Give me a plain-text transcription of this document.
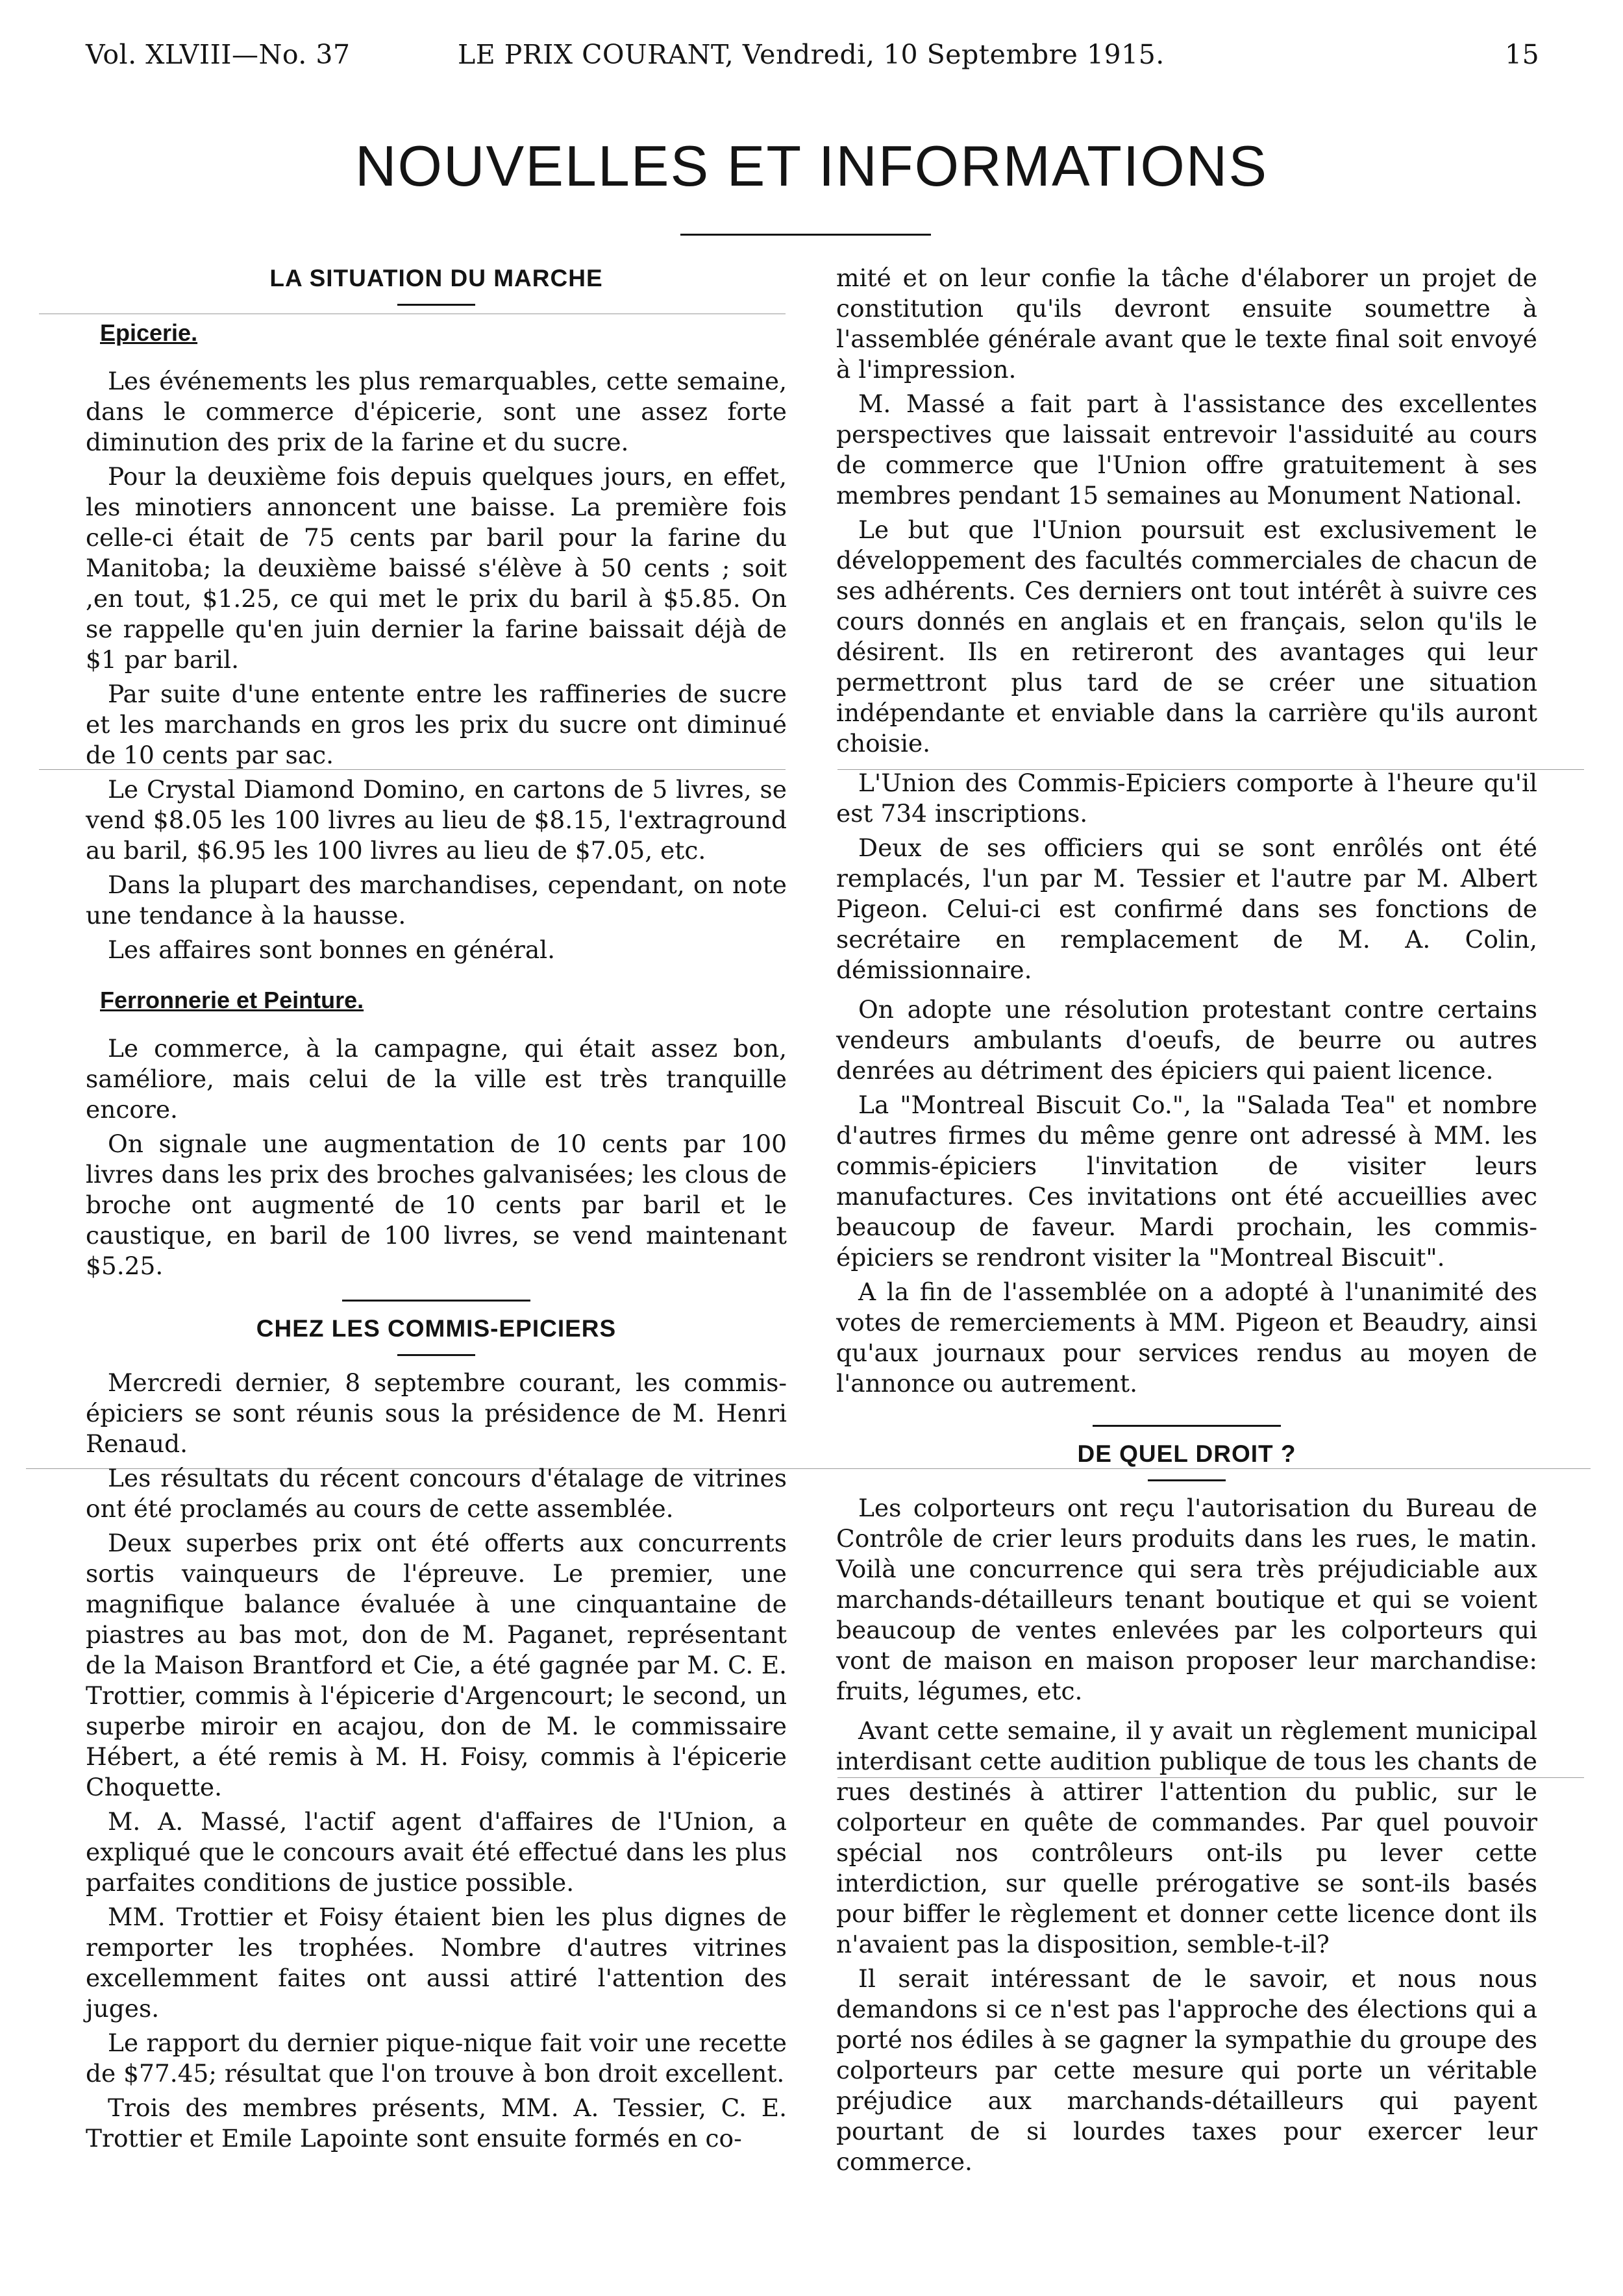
Vol. XLVIII—No. 37	LE PRIX COURANT, Vendredi, 10 Septembre 1915.	15
NOUVELLES ET INFORMATIONS
LA SITUATION DU MARCHE
Epicerie.

Les événements les plus remarquables, cette semaine, dans le commerce d'épicerie, sont une assez forte diminution des prix de la farine et du sucre.

Pour la deuxième fois depuis quelques jours, en effet, les minotiers annoncent une baisse. La première fois celle-ci était de 75 cents par baril pour la farine du Manitoba; la deuxième baissé s'élève à 50 cents ; soit ,en tout, $1.25, ce qui met le prix du baril à $5.85. On se rappelle qu'en juin dernier la farine baissait déjà de $1 par baril.

Par suite d'une entente entre les raffineries de sucre et les marchands en gros les prix du sucre ont diminué de 10 cents par sac.

Le Crystal Diamond Domino, en cartons de 5 livres, se vend $8.05 les 100 livres au lieu de $8.15, l'extraground au baril, $6.95 les 100 livres au lieu de $7.05, etc.

Dans la plupart des marchandises, cependant, on note une tendance à la hausse.

Les affaires sont bonnes en général.

Ferronnerie et Peinture.

Le commerce, à la campagne, qui était assez bon, saméliore, mais celui de la ville est très tranquille encore.

On signale une augmentation de 10 cents par 100 livres dans les prix des broches galvanisées; les clous de broche ont augmenté de 10 cents par baril et le caustique, en baril de 100 livres, se vend maintenant $5.25.

CHEZ LES COMMIS-EPICIERS

Mercredi dernier, 8 septembre courant, les commis-épiciers se sont réunis sous la présidence de M. Henri Renaud.

Les résultats du récent concours d'étalage de vitrines ont été proclamés au cours de cette assemblée.

Deux superbes prix ont été offerts aux concurrents sortis vainqueurs de l'épreuve. Le premier, une magnifique balance évaluée à une cinquantaine de piastres au bas mot, don de M. Paganet, représentant de la Maison Brantford et Cie, a été gagnée par M. C. E. Trottier, commis à l'épicerie d'Argencourt; le second, un superbe miroir en acajou, don de M. le commissaire Hébert, a été remis à M. H. Foisy, commis à l'épicerie Choquette.

M. A. Massé, l'actif agent d'affaires de l'Union, a expliqué que le concours avait été effectué dans les plus parfaites conditions de justice possible.

MM. Trottier et Foisy étaient bien les plus dignes de remporter les trophées. Nombre d'autres vitrines excellemment faites ont aussi attiré l'attention des juges.

Le rapport du dernier pique-nique fait voir une recette de $77.45; résultat que l'on trouve à bon droit excellent.

Trois des membres présents, MM. A. Tessier, C. E. Trottier et Emile Lapointe sont ensuite formés en co-

mité et on leur confie la tâche d'élaborer un projet de constitution qu'ils devront ensuite soumettre à l'assemblée générale avant que le texte final soit envoyé à l'impression.

M. Massé a fait part à l'assistance des excellentes perspectives que laissait entrevoir l'assiduité au cours de commerce que l'Union offre gratuitement à ses membres pendant 15 semaines au Monument National.

Le but que l'Union poursuit est exclusivement le développement des facultés commerciales de chacun de ses adhérents. Ces derniers ont tout intérêt à suivre ces cours donnés en anglais et en français, selon qu'ils le désirent. Ils en retireront des avantages qui leur permettront plus tard de se créer une situation indépendante et enviable dans la carrière qu'ils auront choisie.

L'Union des Commis-Epiciers comporte à l'heure qu'il est 734 inscriptions.

Deux de ses officiers qui se sont enrôlés ont été remplacés, l'un par M. Tessier et l'autre par M. Albert Pigeon. Celui-ci est confirmé dans ses fonctions de secrétaire en remplacement de M. A. Colin, démissionnaire.

On adopte une résolution protestant contre certains vendeurs ambulants d'oeufs, de beurre ou autres denrées au détriment des épiciers qui paient licence.

La "Montreal Biscuit Co.", la "Salada Tea" et nombre d'autres firmes du même genre ont adressé à MM. les commis-épiciers l'invitation de visiter leurs manufactures. Ces invitations ont été accueillies avec beaucoup de faveur. Mardi prochain, les commis-épiciers se rendront visiter la "Montreal Biscuit".

A la fin de l'assemblée on a adopté à l'unanimité des votes de remerciements à MM. Pigeon et Beaudry, ainsi qu'aux journaux pour services rendus au moyen de l'annonce ou autrement.

DE QUEL DROIT ?

Les colporteurs ont reçu l'autorisation du Bureau de Contrôle de crier leurs produits dans les rues, le matin. Voilà une concurrence qui sera très préjudiciable aux marchands-détailleurs tenant boutique et qui se voient beaucoup de ventes enlevées par les colporteurs qui vont de maison en maison proposer leur marchandise: fruits, légumes, etc.

Avant cette semaine, il y avait un règlement municipal interdisant cette audition publique de tous les chants de rues destinés à attirer l'attention du public, sur le colporteur en quête de commandes. Par quel pouvoir spécial nos contrôleurs ont-ils pu lever cette interdiction, sur quelle prérogative se sont-ils basés pour biffer le règlement et donner cette licence dont ils n'avaient pas la disposition, semble-t-il?

Il serait intéressant de le savoir, et nous nous demandons si ce n'est pas l'approche des élections qui a porté nos édiles à se gagner la sympathie du groupe des colporteurs par cette mesure qui porte un véritable préjudice aux marchands-détailleurs qui payent pourtant de si lourdes taxes pour exercer leur commerce.
